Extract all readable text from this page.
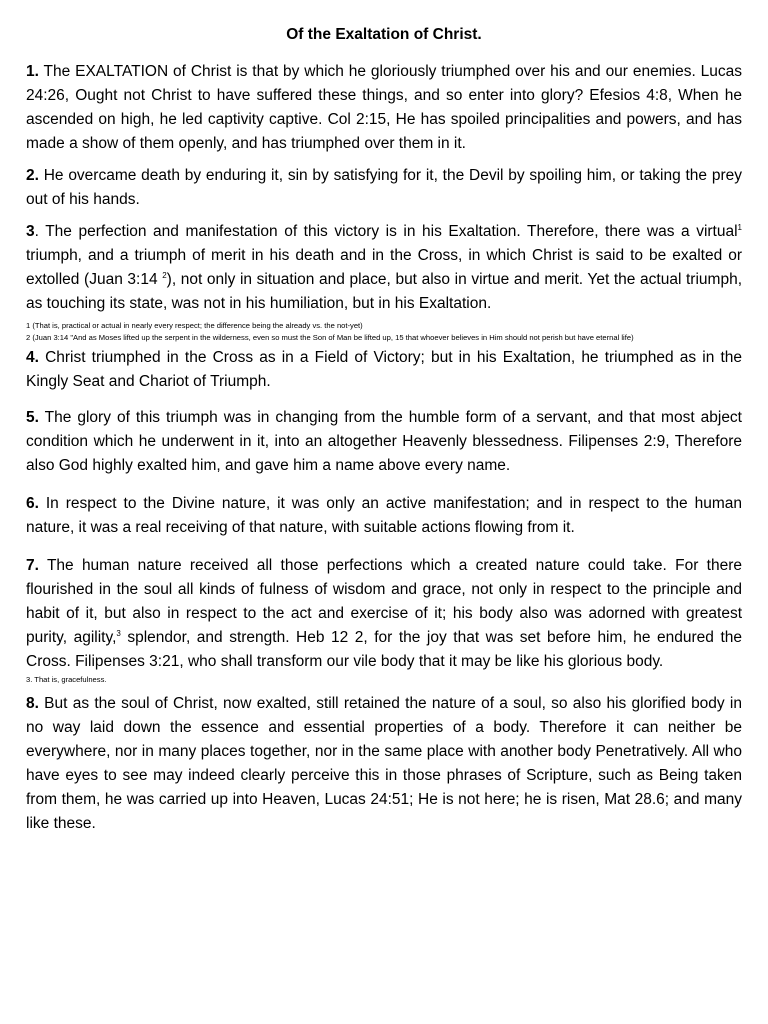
Of the Exaltation of Christ.

1. The EXALTATION of Christ is that by which he gloriously triumphed over his and our enemies. Lucas 24:26, Ought not Christ to have suffered these things, and so enter into glory? Efesios 4:8, When he ascended on high, he led captivity captive. Col 2:15, He has spoiled principalities and powers, and has made a show of them openly, and has triumphed over them in it.

2. He overcame death by enduring it, sin by satisfying for it, the Devil by spoiling him, or taking the prey out of his hands.

3. The perfection and manifestation of this victory is in his Exaltation. Therefore, there was a virtual$^1$ triumph, and a triumph of merit in his death and in the Cross, in which Christ is said to be exalted or extolled (Juan 3:14 $^2$), not only in situation and place, but also in virtue and merit. Yet the actual triumph, as touching its state, was not in his humiliation, but in his Exaltation.

1 (That is, practical or actual in nearly every respect; the difference being the already vs. the not-yet)

2 (Juan 3:14 "And as Moses lifted up the serpent in the wilderness, even so must the Son of Man be lifted up, 15 that whoever believes in Him should not perish but have eternal life)

4. Christ triumphed in the Cross as in a Field of Victory; but in his Exaltation, he triumphed as in the Kingly Seat and Chariot of Triumph.

5. The glory of this triumph was in changing from the humble form of a servant, and that most abject condition which he underwent in it, into an altogether Heavenly blessedness. Filipenses 2:9, Therefore also God highly exalted him, and gave him a name above every name.

6. In respect to the Divine nature, it was only an active manifestation; and in respect to the human nature, it was a real receiving of that nature, with suitable actions flowing from it.

7. The human nature received all those perfections which a created nature could take. For there flourished in the soul all kinds of fulness of wisdom and grace, not only in respect to the principle and habit of it, but also in respect to the act and exercise of it; his body also was adorned with greatest purity, agility,$^3$ splendor, and strength. Heb 12 2, for the joy that was set before him, he endured the Cross. Filipenses 3:21, who shall transform our vile body that it may be like his glorious body.

3. That is, gracefulness.

8. But as the soul of Christ, now exalted, still retained the nature of a soul, so also his glorified body in no way laid down the essence and essential properties of a body. Therefore it can neither be everywhere, nor in many places together, nor in the same place with another body Penetratively. All who have eyes to see may indeed clearly perceive this in those phrases of Scripture, such as Being taken from them, he was carried up into Heaven, Lucas 24:51; He is not here; he is risen, Mat 28.6; and many like these.
